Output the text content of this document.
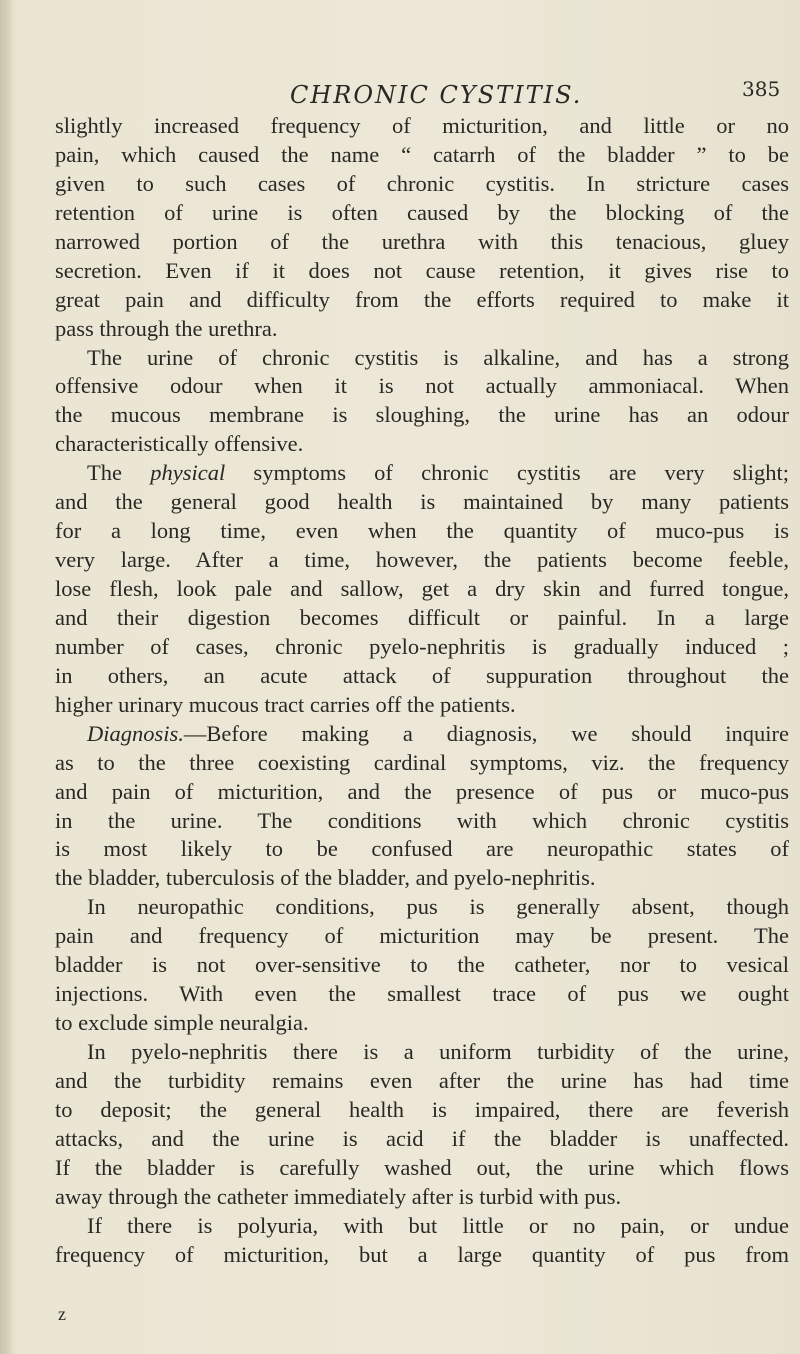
CHRONIC CYSTITIS.	385
slightly increased frequency of micturition, and little or no
pain, which caused the name “ catarrh of the bladder ” to be
given to such cases of chronic cystitis. In stricture cases
retention of urine is often caused by the blocking of the
narrowed portion of the urethra with this tenacious, gluey
secretion. Even if it does not cause retention, it gives rise to
great pain and difficulty from the efforts required to make it
pass through the urethra.
The urine of chronic cystitis is alkaline, and has a strong
offensive odour when it is not actually ammoniacal. When
the mucous membrane is sloughing, the urine has an odour
characteristically offensive.
The physical symptoms of chronic cystitis are very slight;
and the general good health is maintained by many patients
for a long time, even when the quantity of muco-pus is
very large. After a time, however, the patients become feeble,
lose flesh, look pale and sallow, get a dry skin and furred tongue,
and their digestion becomes difficult or painful. In a large
number of cases, chronic pyelo-nephritis is gradually induced ;
in others, an acute attack of suppuration throughout the
higher urinary mucous tract carries off the patients.
Diagnosis.—Before making a diagnosis, we should inquire
as to the three coexisting cardinal symptoms, viz. the frequency
and pain of micturition, and the presence of pus or muco-pus
in the urine. The conditions with which chronic cystitis
is most likely to be confused are neuropathic states of
the bladder, tuberculosis of the bladder, and pyelo-nephritis.
In neuropathic conditions, pus is generally absent, though
pain and frequency of micturition may be present. The
bladder is not over-sensitive to the catheter, nor to vesical
injections. With even the smallest trace of pus we ought
to exclude simple neuralgia.
In pyelo-nephritis there is a uniform turbidity of the urine,
and the turbidity remains even after the urine has had time
to deposit; the general health is impaired, there are feverish
attacks, and the urine is acid if the bladder is unaffected.
If the bladder is carefully washed out, the urine which flows
away through the catheter immediately after is turbid with pus.
If there is polyuria, with but little or no pain, or undue
frequency of micturition, but a large quantity of pus from
z
